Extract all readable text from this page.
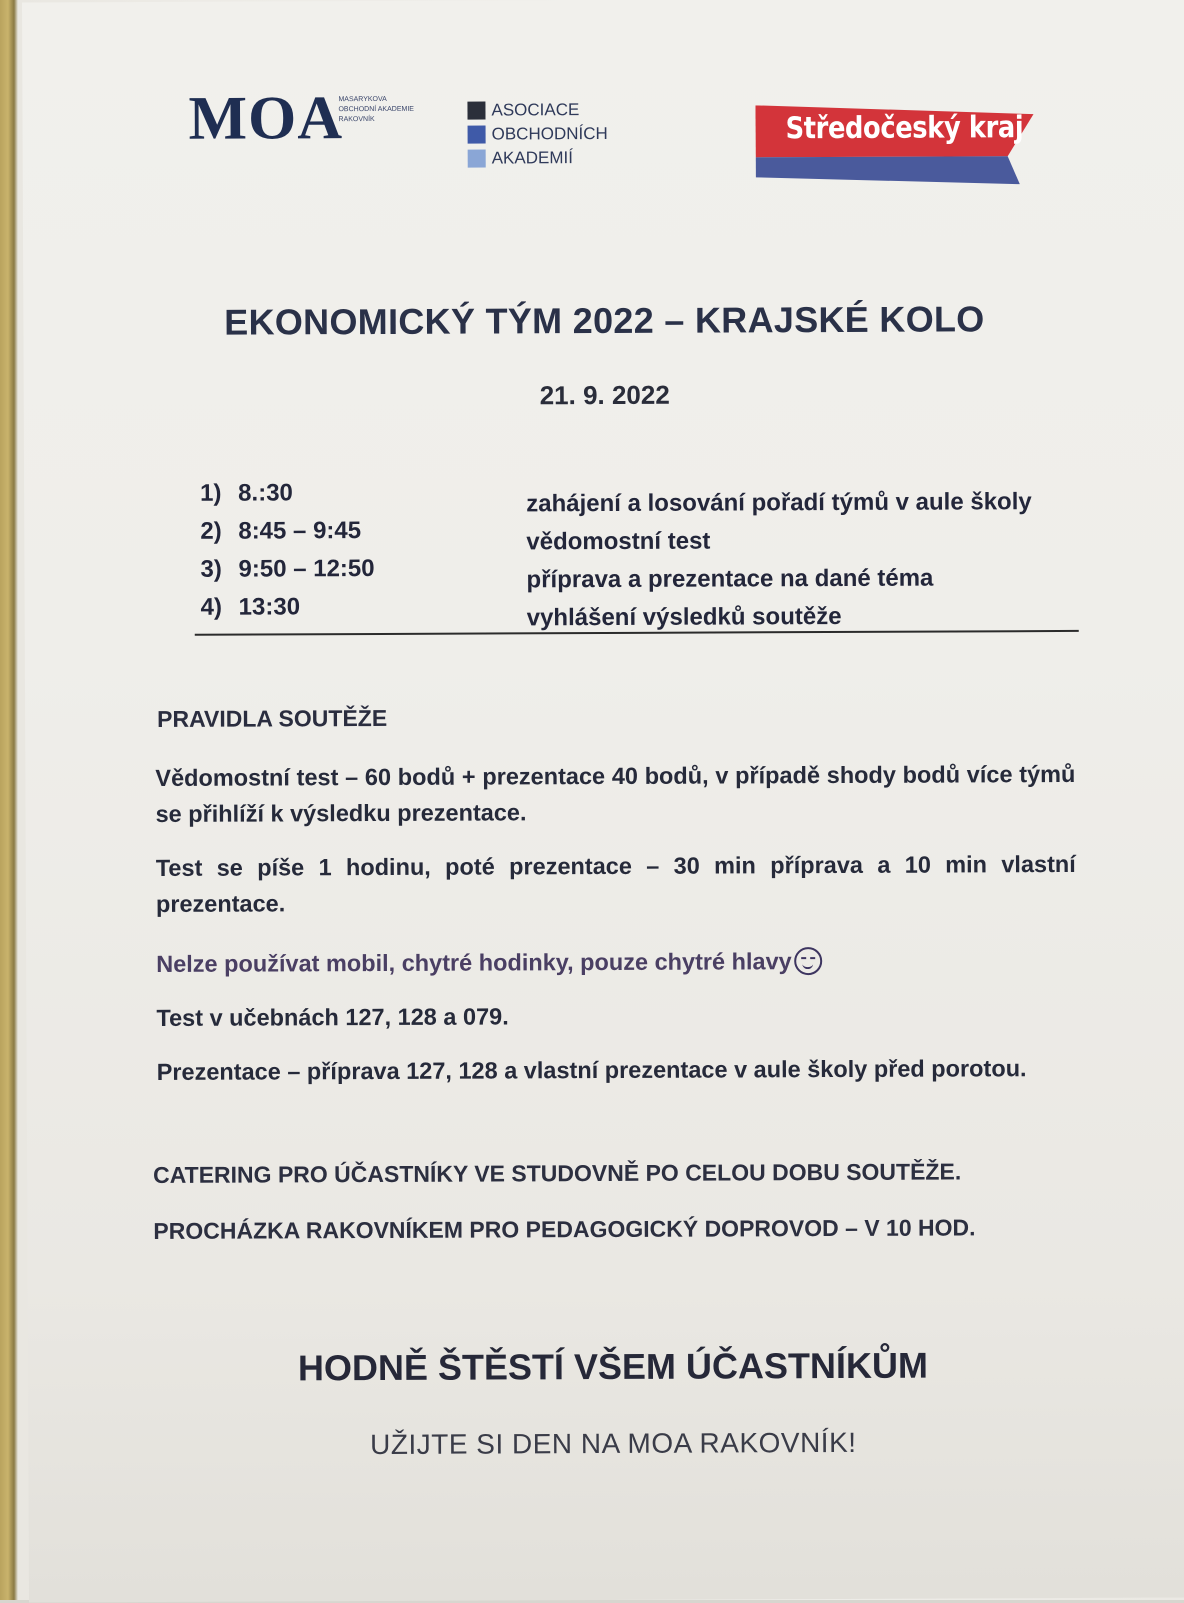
MOA
MASARYKOVA
OBCHODNÍ AKADEMIE
RAKOVNÍK
ASOCIACE
OBCHODNÍCH
AKADEMIÍ
Středočeský kraj
EKONOMICKÝ TÝM 2022 – KRAJSKÉ KOLO
21. 9. 2022
1) 8.:30	zahájení a losování pořadí týmů v aule školy
2) 8:45 – 9:45	vědomostní test
3) 9:50 – 12:50	příprava a prezentace na dané téma
4) 13:30	vyhlášení výsledků soutěže
PRAVIDLA SOUTĚŽE
Vědomostní test – 60 bodů + prezentace 40 bodů, v případě shody bodů více týmů se přihlíží k výsledku prezentace.
Test se píše 1 hodinu, poté prezentace – 30 min příprava a 10 min vlastní prezentace.
Nelze používat mobil, chytré hodinky, pouze chytré hlavy
Test v učebnách 127, 128 a 079.
Prezentace – příprava 127, 128 a vlastní prezentace v aule školy před porotou.
CATERING PRO ÚČASTNÍKY VE STUDOVNĚ PO CELOU DOBU SOUTĚŽE.
PROCHÁZKA RAKOVNÍKEM PRO PEDAGOGICKÝ DOPROVOD – V 10 HOD.
HODNĚ ŠTĚSTÍ VŠEM ÚČASTNÍKŮM
UŽIJTE SI DEN NA MOA RAKOVNÍK!
